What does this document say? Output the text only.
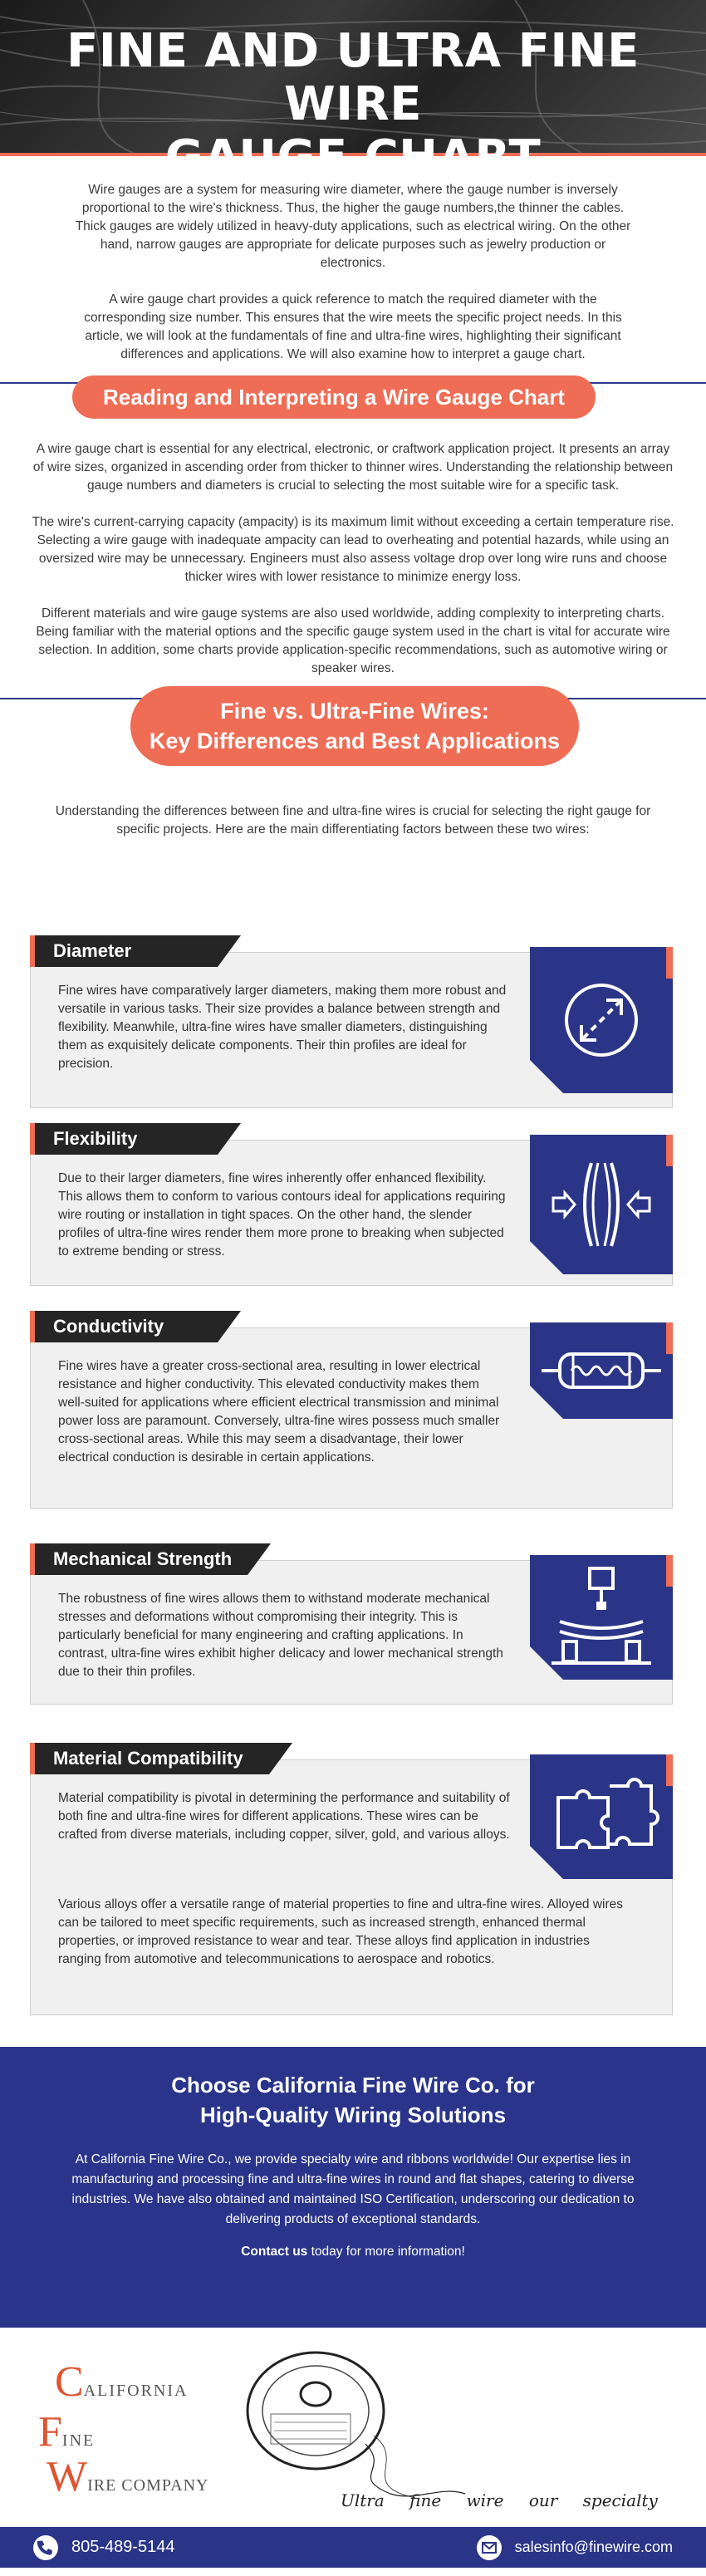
FINE AND ULTRA FINE WIRE
GAUGE CHART

Wire gauges are a system for measuring wire diameter, where the gauge number is inversely proportional to the wire's thickness. Thus, the higher the gauge numbers,the thinner the cables. Thick gauges are widely utilized in heavy-duty applications, such as electrical wiring. On the other hand, narrow gauges are appropriate for delicate purposes such as jewelry production or electronics.

A wire gauge chart provides a quick reference to match the required diameter with the corresponding size number. This ensures that the wire meets the specific project needs. In this article, we will look at the fundamentals of fine and ultra-fine wires, highlighting their significant differences and applications. We will also examine how to interpret a gauge chart.

Reading and Interpreting a Wire Gauge Chart

A wire gauge chart is essential for any electrical, electronic, or craftwork application project. It presents an array of wire sizes, organized in ascending order from thicker to thinner wires. Understanding the relationship between gauge numbers and diameters is crucial to selecting the most suitable wire for a specific task.

The wire's current-carrying capacity (ampacity) is its maximum limit without exceeding a certain temperature rise. Selecting a wire gauge with inadequate ampacity can lead to overheating and potential hazards, while using an oversized wire may be unnecessary. Engineers must also assess voltage drop over long wire runs and choose thicker wires with lower resistance to minimize energy loss.

Different materials and wire gauge systems are also used worldwide, adding complexity to interpreting charts. Being familiar with the material options and the specific gauge system used in the chart is vital for accurate wire selection. In addition, some charts provide application-specific recommendations, such as automotive wiring or speaker wires.

Fine vs. Ultra-Fine Wires:
Key Differences and Best Applications
Understanding the differences between fine and ultra-fine wires is crucial for selecting the right gauge for specific projects. Here are the main differentiating factors between these two wires:
Diameter
Fine wires have comparatively larger diameters, making them more robust and versatile in various tasks. Their size provides a balance between strength and flexibility. Meanwhile, ultra-fine wires have smaller diameters, distinguishing them as exquisitely delicate components. Their thin profiles are ideal for precision.
Flexibility
Due to their larger diameters, fine wires inherently offer enhanced flexibility. This allows them to conform to various contours ideal for applications requiring wire routing or installation in tight spaces. On the other hand, the slender profiles of ultra-fine wires render them more prone to breaking when subjected to extreme bending or stress.
Conductivity
Fine wires have a greater cross-sectional area, resulting in lower electrical resistance and higher conductivity. This elevated conductivity makes them well-suited for applications where efficient electrical transmission and minimal power loss are paramount. Conversely, ultra-fine wires possess much smaller cross-sectional areas. While this may seem a disadvantage, their lower electrical conduction is desirable in certain applications.
Mechanical Strength
The robustness of fine wires allows them to withstand moderate mechanical stresses and deformations without compromising their integrity. This is particularly beneficial for many engineering and crafting applications. In contrast, ultra-fine wires exhibit higher delicacy and lower mechanical strength due to their thin profiles.
Material Compatibility
Material compatibility is pivotal in determining the performance and suitability of both fine and ultra-fine wires for different applications. These wires can be crafted from diverse materials, including copper, silver, gold, and various alloys.
Various alloys offer a versatile range of material properties to fine and ultra-fine wires. Alloyed wires can be tailored to meet specific requirements, such as increased strength, enhanced thermal properties, or improved resistance to wear and tear. These alloys find application in industries ranging from automotive and telecommunications to aerospace and robotics.
Choose California Fine Wire Co. for
High-Quality Wiring Solutions

At California Fine Wire Co., we provide specialty wire and ribbons worldwide! Our expertise lies in manufacturing and processing fine and ultra-fine wires in round and flat shapes, catering to diverse industries. We have also obtained and maintained ISO Certification, underscoring our dedication to delivering products of exceptional standards.

Contact us today for more information!
CALIFORNIA
FINE
WIRE COMPANY
Ultra fine wire our specialty
805-489-5144	salesinfo@finewire.com
